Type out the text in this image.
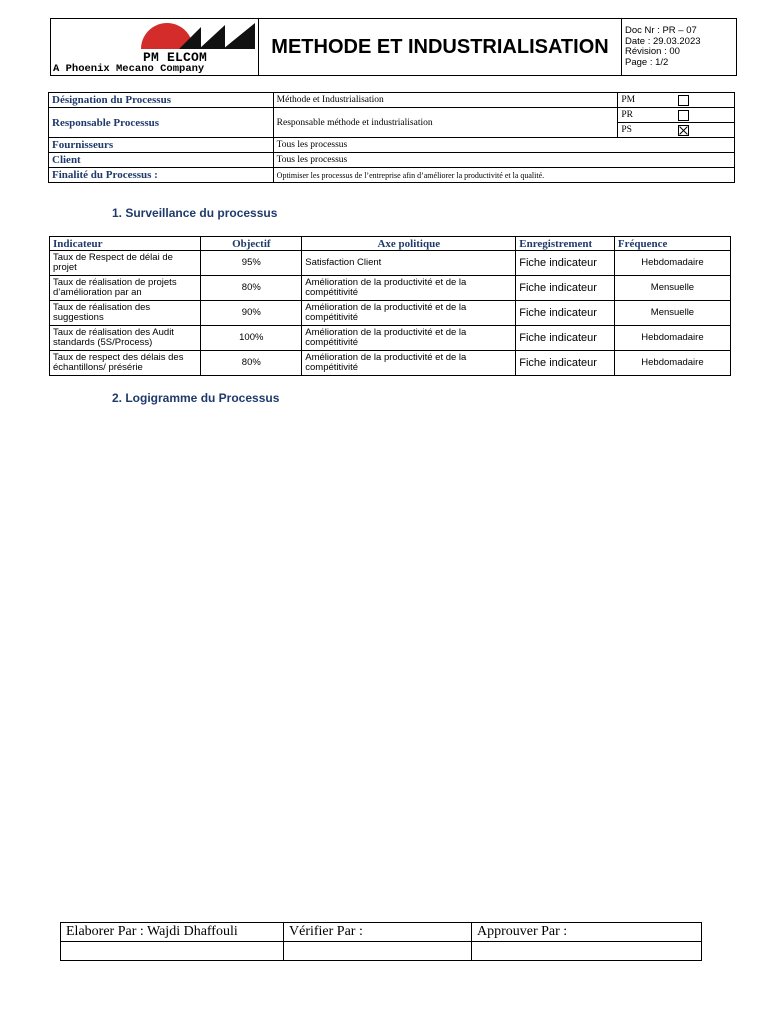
PM ELCOM
A Phoenix Mecano Company
	METHODE ET INDUSTRIALISATION	
Doc Nr : PR – 07
Date : 29.03.2023
Révision : 00
Page : 1/2
Désignation du Processus	Méthode et Industrialisation	PM

Responsable Processus	Responsable méthode et industrialisation	PR

		PS

Fournisseurs	Tous les processus	
Client	Tous les processus	
Finalité du Processus :	Optimiser les processus de l’entreprise afin d’améliorer la productivité et la qualité.	
1. Surveillance du processus
Indicateur	Objectif	Axe politique	Enregistrement	Fréquence
Taux de Respect de délai de projet	95%	Satisfaction Client	Fiche indicateur	Hebdomadaire
Taux de réalisation de projets d’amélioration par an	80%	Amélioration de la productivité et de la compétitivité	Fiche indicateur	Mensuelle
Taux de réalisation des suggestions	90%	Amélioration de la productivité et de la compétitivité	Fiche indicateur	Mensuelle
Taux de réalisation des Audit standards (5S/Process)	100%	Amélioration de la productivité et de la compétitivité	Fiche indicateur	Hebdomadaire
Taux de respect des délais des échantillons/ présérie	80%	Amélioration de la productivité et de la compétitivité	Fiche indicateur	Hebdomadaire
2. Logigramme du Processus
Elaborer Par : Wajdi Dhaffouli	Vérifier Par :	Approuver Par :
